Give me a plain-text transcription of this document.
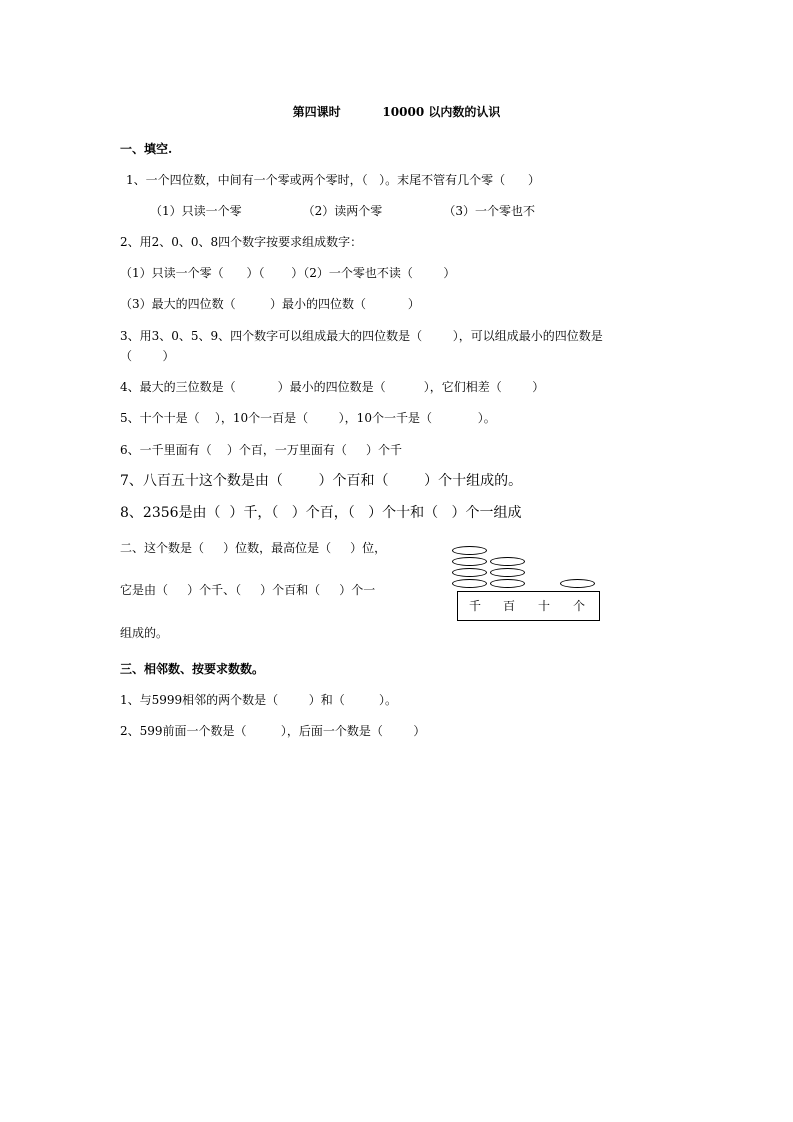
第四课时          10000 以内数的认识
一、填空.
1、一个四位数，中间有一个零或两个零时，（   ）。末尾不管有几个零（      ）
（1）只读一个零                （2）读两个零                （3）一个零也不
2、用2、0、0、8四个数字按要求组成数字：
（1）只读一个零（      ）（       ）（2）一个零也不读（        ）
（3）最大的四位数（         ）最小的四位数（           ）
3、用3、0、5、9、四个数字可以组成最大的四位数是（        ），可以组成最小的四位数是
（        ）
4、最大的三位数是（           ）最小的四位数是（          ），它们相差（        ）
5、十个十是（    ），10个一百是（        ），10个一千是（            ）。
6、一千里面有（    ）个百，一万里面有（     ）个千
7、八百五十这个数是由（        ）个百和（        ）个十组成的。
8、2356是由（  ）千，（   ）个百，（   ）个十和（   ）个一组成
二、这个数是（     ）位数，最高位是（     ）位，
它是由（     ）个千、（     ）个百和（     ）个一
组成的。
千 百 十 个
三、相邻数、按要求数数。
1、与5999相邻的两个数是（        ）和（         ）。
2、599前面一个数是（         ），后面一个数是（        ）
